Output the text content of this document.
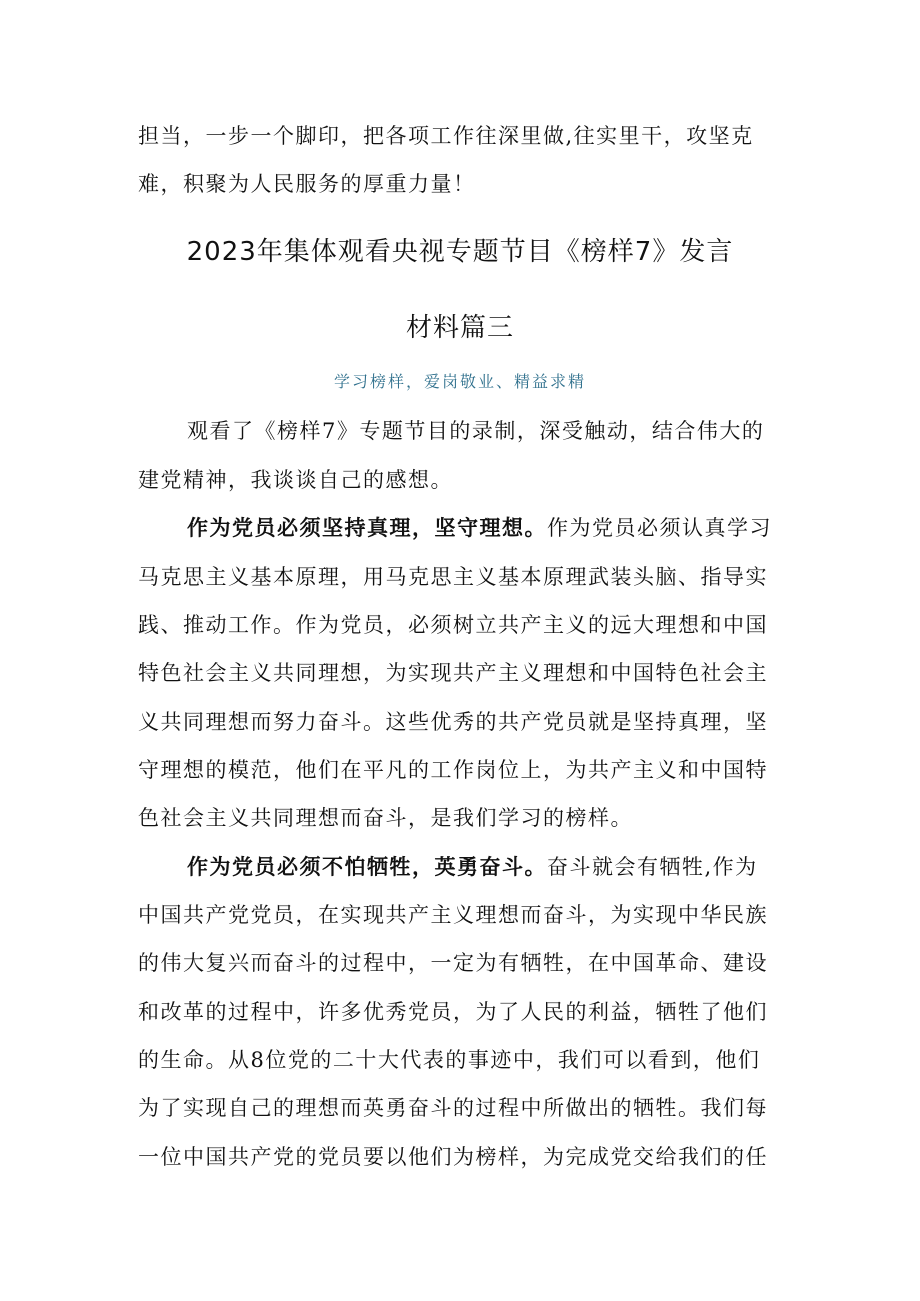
担当，一步一个脚印，把各项工作往深里做,往实里干，攻坚克
难，积聚为人民服务的厚重力量！
2023年集体观看央视专题节目《榜样7》发言
材料篇三
学习榜样，爱岗敬业、精益求精
观看了《榜样7》专题节目的录制，深受触动，结合伟大的
建党精神，我谈谈自己的感想。
作为党员必须坚持真理，坚守理想。作为党员必须认真学习
马克思主义基本原理，用马克思主义基本原理武装头脑、指导实
践、推动工作。作为党员，必须树立共产主义的远大理想和中国
特色社会主义共同理想，为实现共产主义理想和中国特色社会主
义共同理想而努力奋斗。这些优秀的共产党员就是坚持真理，坚
守理想的模范，他们在平凡的工作岗位上，为共产主义和中国特
色社会主义共同理想而奋斗，是我们学习的榜样。
作为党员必须不怕牺牲，英勇奋斗。奋斗就会有牺牲,作为
中国共产党党员，在实现共产主义理想而奋斗，为实现中华民族
的伟大复兴而奋斗的过程中，一定为有牺牲，在中国革命、建设
和改革的过程中，许多优秀党员，为了人民的利益，牺牲了他们
的生命。从8位党的二十大代表的事迹中，我们可以看到，他们
为了实现自己的理想而英勇奋斗的过程中所做出的牺牲。我们每
一位中国共产党的党员要以他们为榜样，为完成党交给我们的任
